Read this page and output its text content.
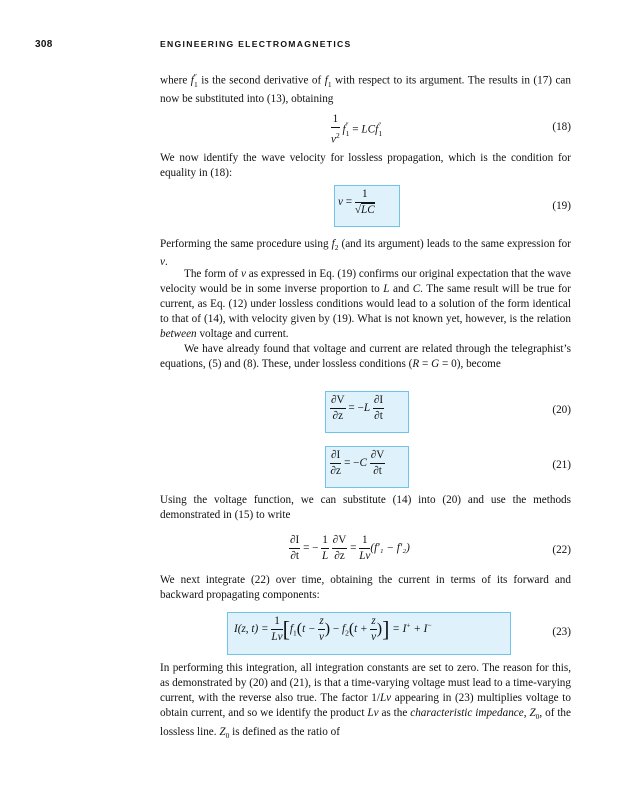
308	ENGINEERING ELECTROMAGNETICS

where $f''_1$ is the second derivative of $f_1$ with respect to its argument. The results in (17) can now be substituted into (13), obtaining

$\frac{1}{v^2} f''_1 = LCf''_1$
(18)

We now identify the wave velocity for lossless propagation, which is the condition for equality in (18):

$v = \frac{1}{√LC}$	(19)

Performing the same procedure using $f_2$ (and its argument) leads to the same expression for v.

The form of v as expressed in Eq. (19) confirms our original expectation that the wave velocity would be in some inverse proportion to L and C. The same result will be true for current, as Eq. (12) under lossless conditions would lead to a solution of the form identical to that of (14), with velocity given by (19). What is not known yet, however, is the relation between voltage and current.

We have already found that voltage and current are related through the telegraphist’s equations, (5) and (8). These, under lossless conditions (R = G = 0), become

$\frac{\partial V}{\partial z} = -L \frac{\partial I}{\partial t}$	(20)
$\frac{\partial I}{\partial z} = -C \frac{\partial V}{\partial t}$	(21)

Using the voltage function, we can substitute (14) into (20) and use the methods demonstrated in (15) to write

$\frac{\partial I}{\partial t}$ = − $\frac{1}{L}$
$\frac{\partial V}{\partial z} = \frac{1}{Lv} (f'_1 - f'_2)$	(22)

We next integrate (22) over time, obtaining the current in terms of its forward and backward propagating components:

I(z, $t) = \frac{1}{Lv} [f_1(t - \frac{z}{v}$ ) − $f_2(t + \frac{z}{v}$ )] = I+ + I−
(23)

In performing this integration, all integration constants are set to zero. The reason for this, as demonstrated by (20) and (21), is that a time-varying voltage must lead to a time-varying current, with the reverse also true. The factor 1/Lv appearing in (23) multiplies voltage to obtain current, and so we identify the product Lv as the characteristic impedance, $Z_0$, of the lossless line. $Z_0$ is defined as the ratio of
